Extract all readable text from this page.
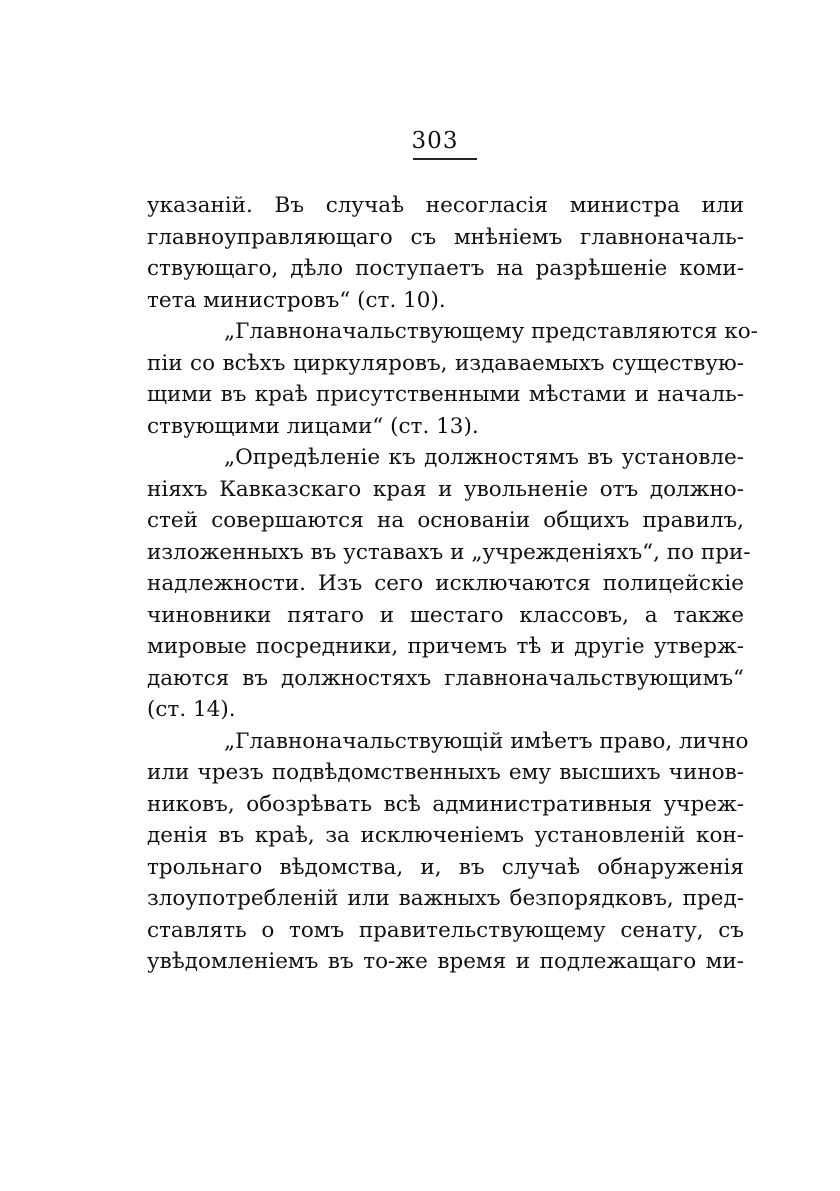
303
указаній. Въ случаѣ несогласія министра или
главноуправляющаго съ мнѣніемъ главноначаль-
ствующаго, дѣло поступаетъ на разрѣшеніе коми-
тета министровъ“ (ст. 10).
„Главноначальствующему представляются ко-
піи со всѣхъ циркуляровъ, издаваемыхъ существую-
щими въ краѣ присутственными мѣстами и началь-
ствующими лицами“ (ст. 13).
„Опредѣленіе къ должностямъ въ установле-
ніяхъ Кавказскаго края и увольненіе отъ должно-
стей совершаются на основаніи общихъ правилъ,
изложенныхъ въ уставахъ и „учрежденіяхъ“, по при-
надлежности. Изъ сего исключаются полицейскіе
чиновники пятаго и шестаго классовъ, а также
мировые посредники, причемъ тѣ и другіе утверж-
даются въ должностяхъ главноначальствующимъ“
(ст. 14).
„Главноначальствующій имѣетъ право, лично
или чрезъ подвѣдомственныхъ ему высшихъ чинов-
никовъ, обозрѣвать всѣ административныя учреж-
денія въ краѣ, за исключеніемъ установленій кон-
трольнаго вѣдомства, и, въ случаѣ обнаруженія
злоупотребленій или важныхъ безпорядковъ, пред-
ставлять о томъ правительствующему сенату, съ
увѣдомленіемъ въ то-же время и подлежащаго ми-
